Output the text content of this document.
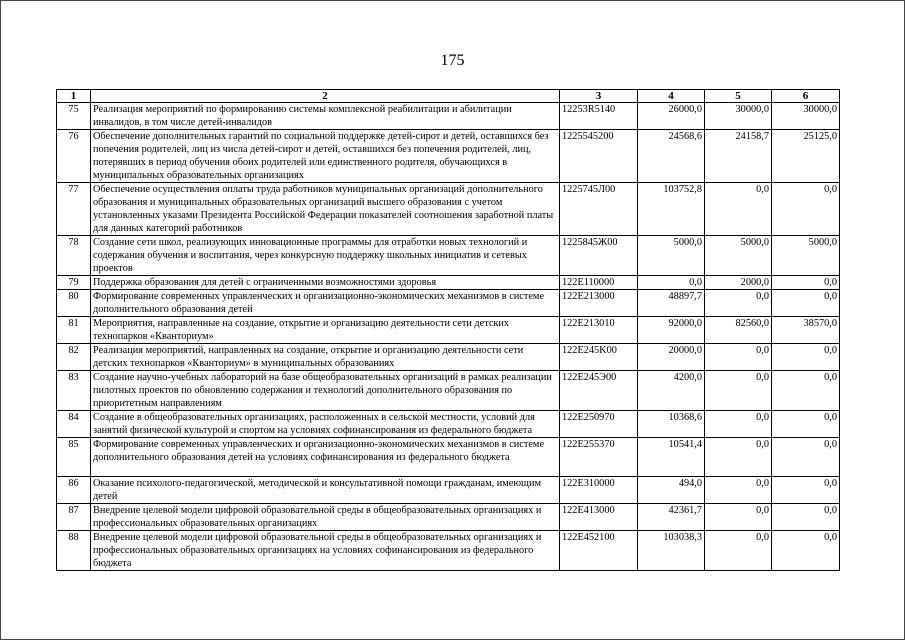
175
1	2	3	4	5	6
75	Реализация мероприятий по формированию системы комплексной реабилитации и абилитации инвалидов, в том числе детей-инвалидов	12253R5140	26000,0	30000,0	30000,0
76	Обеспечение дополнительных гарантий по социальной поддержке детей-сирот и детей, оставшихся без попечения родителей, лиц из числа детей-сирот и детей, оставшихся без попечения родителей, лиц, потерявших в период обучения обоих родителей или единственного родителя, обучающихся в муниципальных образовательных организациях	1225545200	24568,6	24158,7	25125,0
77	Обеспечение осуществления оплаты труда работников муниципальных организаций дополнительного образования и муниципальных образовательных организаций высшего образования с учетом установленных указами Президента Российской Федерации показателей соотношения заработной платы для данных категорий работников	1225745Л00	103752,8	0,0	0,0
78	Создание сети школ, реализующих инновационные программы для отработки новых технологий и содержания обучения и воспитания, через конкурсную поддержку школьных инициатив и сетевых проектов	1225845Ж00	5000,0	5000,0	5000,0
79	Поддержка образования для детей с ограниченными возможностями здоровья	122E110000	0,0	2000,0	0,0
80	Формирование современных управленческих и организационно-экономических механизмов в системе дополнительного образования детей	122E213000	48897,7	0,0	0,0
81	Мероприятия, направленные на создание, открытие и организацию деятельности сети детских технопарков «Кванториум»	122E213010	92000,0	82560,0	38570,0
82	Реализация мероприятий, направленных на создание, открытие и организацию деятельности сети детских технопарков «Кванториум» в муниципальных образованиях	122E245K00	20000,0	0,0	0,0
83	Создание научно-учебных лабораторий на базе общеобразовательных организаций в рамках реализации пилотных проектов по обновлению содержания и технологий дополнительного образования по приоритетным направлениям	122E245Э00	4200,0	0,0	0,0
84	Создание в общеобразовательных организациях, расположенных в сельской местности, условий для занятий физической культурой и спортом на условиях софинансирования из федерального бюджета	122E250970	10368,6	0,0	0,0
85	Формирование современных управленческих и организационно-экономических механизмов в системе дополнительного образования детей на условиях софинансирования из федерального бюджета	122E255370	10541,4	0,0	0,0
86	Оказание психолого-педагогической, методической и консультативной помощи гражданам, имеющим детей	122E310000	494,0	0,0	0,0
87	Внедрение целевой модели цифровой образовательной среды в общеобразовательных организациях и профессиональных образовательных организациях	122E413000	42361,7	0,0	0,0
88	Внедрение целевой модели цифровой образовательной среды в общеобразовательных организациях и профессиональных образовательных организациях на условиях софинансирования из федерального бюджета	122E452100	103038,3	0,0	0,0
